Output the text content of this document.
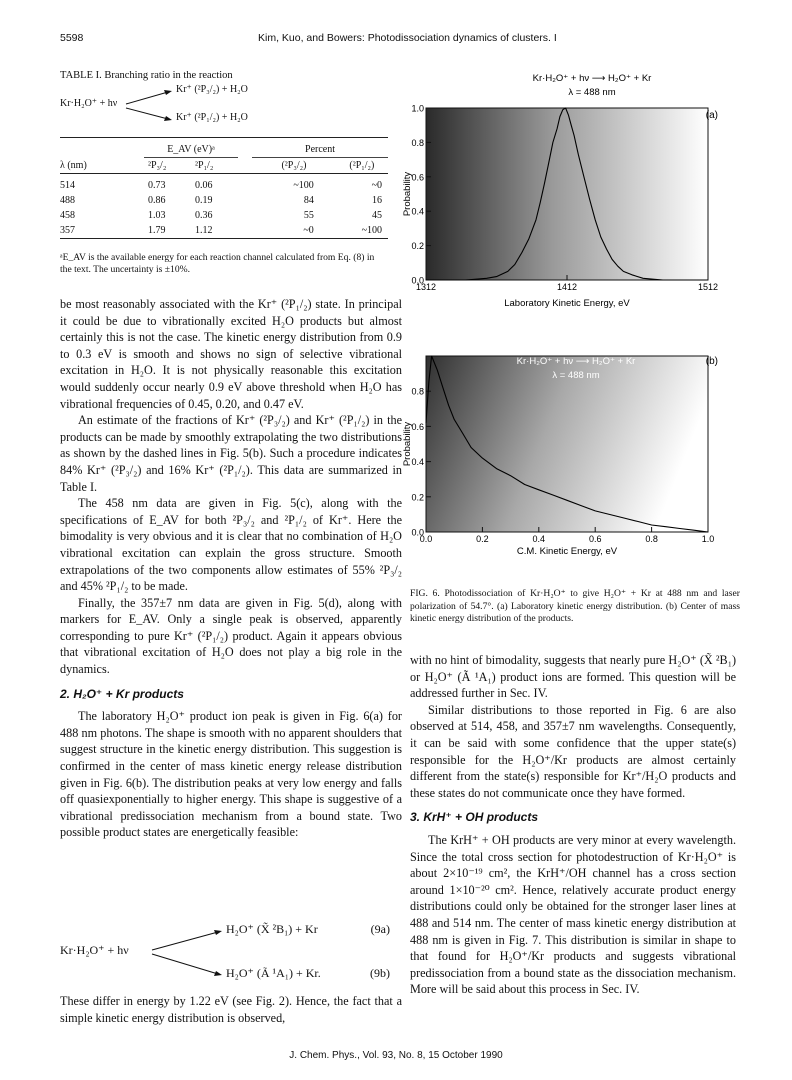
5598	Kim, Kuo, and Bowers: Photodissociation dynamics of clusters. I
TABLE I. Branching ratio in the reaction
Kr·H₂O⁺ + hν
Kr⁺ (²P₃/₂) + H₂O
Kr⁺ (²P₁/₂) + H₂O
	E_AV (eV)ᵃ			Percent	
λ (nm)	²P₃/₂	²P₁/₂		(²P₃/₂)	(²P₁/₂)

514	0.73	0.06		~100	~0
488	0.86	0.19		84	16
458	1.03	0.36		55	45
357	1.79	1.12		~0	~100
ᵃE_AV is the available energy for each reaction channel calculated from Eq. (8) in the text. The uncertainty is ±10%.

be most reasonably associated with the Kr⁺ (²P₁/₂) state. In principal it could be due to vibrationally excited H₂O products but almost certainly this is not the case. The kinetic energy distribution from 0.9 to 0.3 eV is smooth and shows no sign of selective vibrational excitation in H₂O. It is not physically reasonable this excitation would suddenly occur nearly 0.9 eV above threshold when H₂O has vibrational frequencies of 0.45, 0.20, and 0.47 eV.

An estimate of the fractions of Kr⁺ (²P₃/₂) and Kr⁺ (²P₁/₂) in the products can be made by smoothly extrapolating the two distributions as shown by the dashed lines in Fig. 5(b). Such a procedure indicates 84% Kr⁺ (²P₃/₂) and 16% Kr⁺ (²P₁/₂). This data are summarized in Table I.

The 458 nm data are given in Fig. 5(c), along with the specifications of E_AV for both ²P₃/₂ and ²P₁/₂ of Kr⁺. Here the bimodality is very obvious and it is clear that no combination of H₂O vibrational excitation can explain the gross structure. Smooth extrapolations of the two components allow estimates of 55% ²P₃/₂ and 45% ²P₁/₂ to be made.

Finally, the 357±7 nm data are given in Fig. 5(d), along with markers for E_AV. Only a single peak is observed, apparently corresponding to pure Kr⁺ (²P₁/₂) product. Again it appears obvious that vibrational excitation of H₂O does not play a big role in the dynamics.

2. H₂O⁺ + Kr products

The laboratory H₂O⁺ product ion peak is given in Fig. 6(a) for 488 nm photons. The shape is smooth with no apparent shoulders that suggest structure in the kinetic energy distribution. This suggestion is confirmed in the center of mass kinetic energy release distribution given in Fig. 6(b). The distribution peaks at very low energy and falls off quasiexponentially to higher energy. This shape is suggestive of a vibrational predissociation mechanism from a bound state. Two possible product states are energetically feasible:

Kr·H₂O⁺ + hν
H₂O⁺ (X̃ ²B₁) + Kr	(9a)
H₂O⁺ (Ã ¹A₁) + Kr.	(9b)

These differ in energy by 1.22 eV (see Fig. 2). Hence, the fact that a simple kinetic energy distribution is observed,

Kr·H₂O⁺ + hν ⟶ H₂O⁺ + Kr
λ = 488 nm
(a)
Probability
Laboratory Kinetic Energy, eV
0.0
0.2
0.4
0.6
0.8
1.0
1312	1412	1512
Kr·H₂O⁺ + hν ⟶ H₂O⁺ + Kr
λ = 488 nm
(b)
Probability
C.M. Kinetic Energy, eV
0.0
0.2
0.4
0.6
0.8
0.0	0.2	0.4	0.6	0.8	1.0
FIG. 6. Photodissociation of Kr·H₂O⁺ to give H₂O⁺ + Kr at 488 nm and laser polarization of 54.7°. (a) Laboratory kinetic energy distribution. (b) Center of mass kinetic energy distribution of the products.

with no hint of bimodality, suggests that nearly pure H₂O⁺ (X̃ ²B₁) or H₂O⁺ (Ã ¹A₁) product ions are formed. This question will be addressed further in Sec. IV.

Similar distributions to those reported in Fig. 6 are also observed at 514, 458, and 357±7 nm wavelengths. Consequently, it can be said with some confidence that the upper state(s) responsible for the H₂O⁺/Kr products are almost certainly different from the state(s) responsible for Kr⁺/H₂O products and these states do not communicate once they have formed.

3. KrH⁺ + OH products

The KrH⁺ + OH products are very minor at every wavelength. Since the total cross section for photodestruction of Kr·H₂O⁺ is about 2×10⁻¹⁹ cm², the KrH⁺/OH channel has a cross section around 1×10⁻²⁰ cm². Hence, relatively accurate product energy distributions could only be obtained for the stronger laser lines at 488 and 514 nm. The center of mass kinetic energy distribution at 488 nm is given in Fig. 7. This distribution is similar in shape to that found for H₂O⁺/Kr products and suggests vibrational predissociation from a bound state as the dissociation mechanism. More will be said about this process in Sec. IV.

J. Chem. Phys., Vol. 93, No. 8, 15 October 1990
